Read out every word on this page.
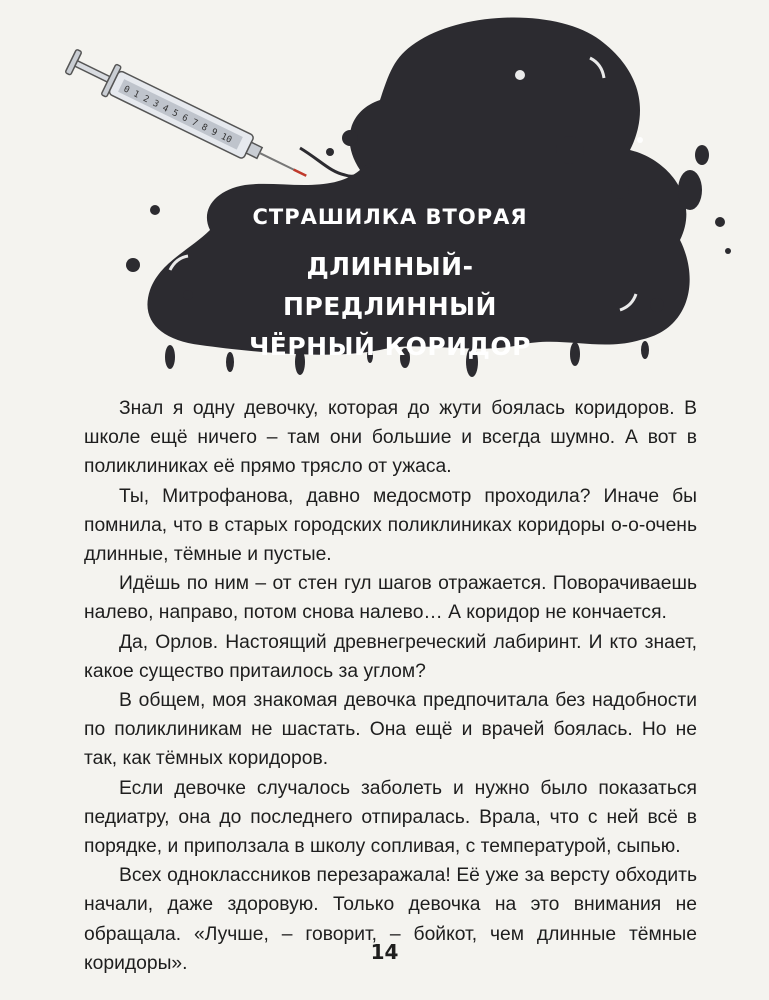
0 1 2 3 4 5 6 7 8 9 10
СТРАШИЛКА ВТОРАЯ
ДЛИННЫЙ-ПРЕДЛИННЫЙ
ЧЁРНЫЙ КОРИДОР

Знал я одну девочку, которая до жути боялась коридоров. В школе ещё ничего – там они большие и всегда шумно. А вот в поликлиниках её прямо трясло от ужаса.

Ты, Митрофанова, давно медосмотр проходила? Иначе бы помнила, что в старых городских поликлиниках коридоры о-о-очень длинные, тёмные и пустые.

Идёшь по ним – от стен гул шагов отражается. Поворачиваешь налево, направо, потом снова налево… А коридор не кончается.

Да, Орлов. Настоящий древнегреческий лабиринт. И кто знает, какое существо притаилось за углом?

В общем, моя знакомая девочка предпочитала без надобности по поликлиникам не шастать. Она ещё и врачей боялась. Но не так, как тёмных коридоров.

Если девочке случалось заболеть и нужно было показаться педиатру, она до последнего отпиралась. Врала, что с ней всё в порядке, и приползала в школу сопливая, с температурой, сыпью.

Всех одноклассников перезаражала! Её уже за версту обходить начали, даже здоровую. Только девочка на это внимания не обращала. «Лучше, – говорит, – бойкот, чем длинные тёмные коридоры».	14
